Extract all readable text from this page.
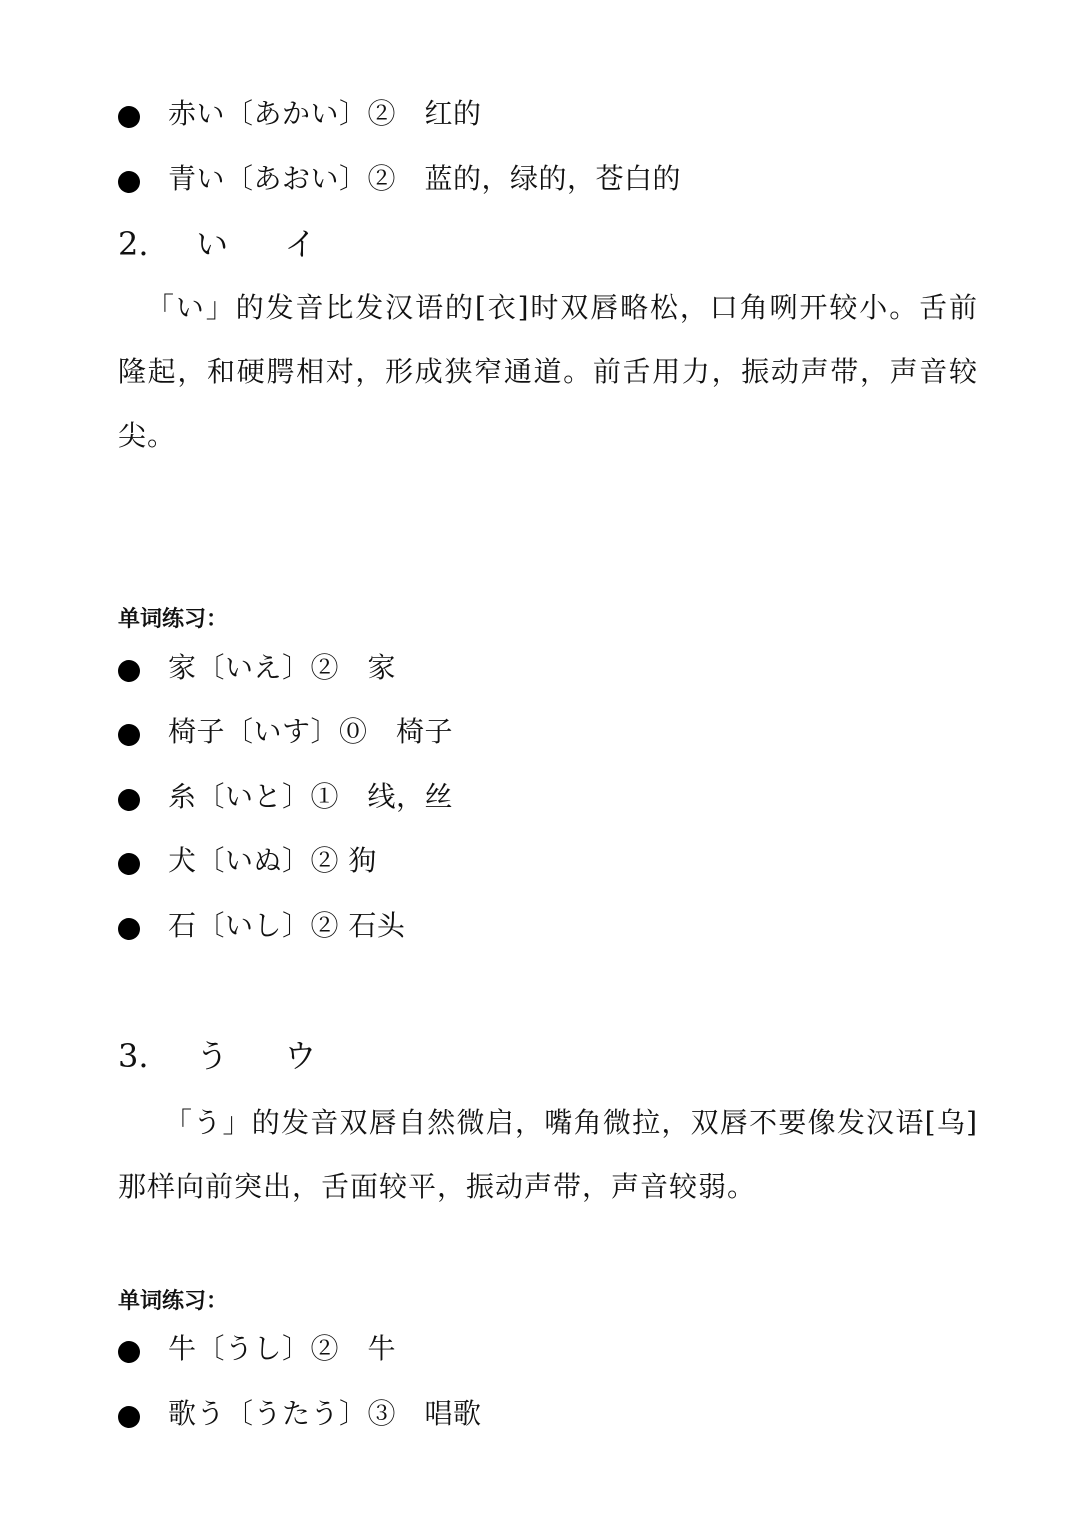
赤い〔あかい〕②　红的
青い〔あおい〕②　蓝的，绿的，苍白的
2. い イ
「い」的发音比发汉语的[衣]时双唇略松，口角咧开较小。舌前隆起，和硬腭相对，形成狭窄通道。前舌用力，振动声带，声音较尖。
单词练习：
家〔いえ〕②　家
椅子〔いす〕⓪　椅子
糸〔いと〕①　线，丝
犬〔いぬ〕② 狗
石〔いし〕② 石头
3. う ウ
「う」的发音双唇自然微启，嘴角微拉，双唇不要像发汉语[乌]那样向前突出，舌面较平，振动声带，声音较弱。
单词练习：
牛〔うし〕②　牛
歌う〔うたう〕③　唱歌
